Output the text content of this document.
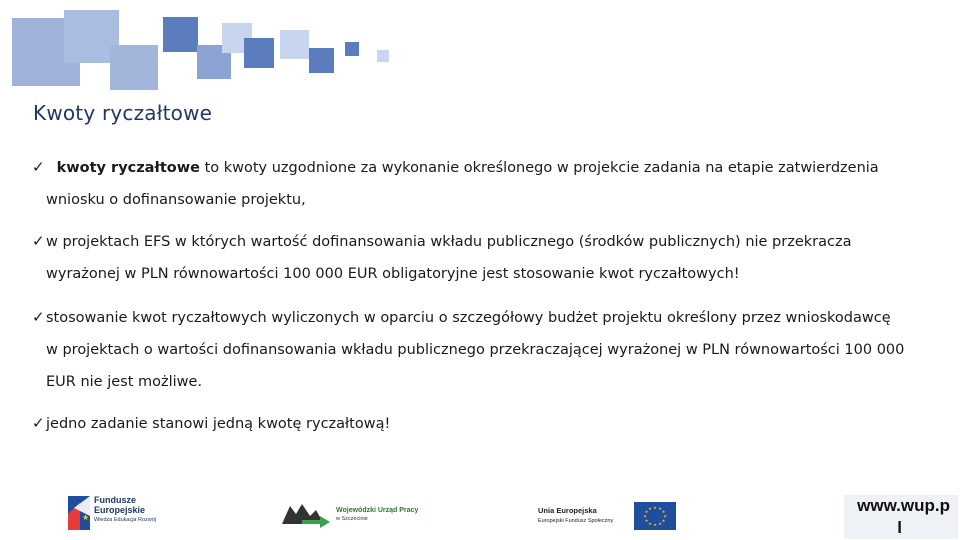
Kwoty ryczałtowe
✓ kwoty ryczałtowe to kwoty uzgodnione za wykonanie określonego w projekcie zadania na etapie zatwierdzenia
wniosku o dofinansowanie projektu,
✓w projektach EFS w których wartość dofinansowania wkładu publicznego (środków publicznych) nie przekracza
wyrażonej w PLN równowartości 100 000 EUR obligatoryjne jest stosowanie kwot ryczałtowych!
✓stosowanie kwot ryczałtowych wyliczonych w oparciu o szczegółowy budżet projektu określony przez wnioskodawcę
w projektach o wartości dofinansowania wkładu publicznego przekraczającej wyrażonej w PLN równowartości 100 000
EUR nie jest możliwe.
✓jedno zadanie stanowi jedną kwotę ryczałtową!
★
Fundusze
Europejskie
Wiedza Edukacja Rozwój
Wojewódzki Urząd Pracy
w Szczecinie
Unia Europejska
Europejski Fundusz Społeczny
★ ★
★
★
★
★
★
★
★
★
★
★	www.wup.p
l
